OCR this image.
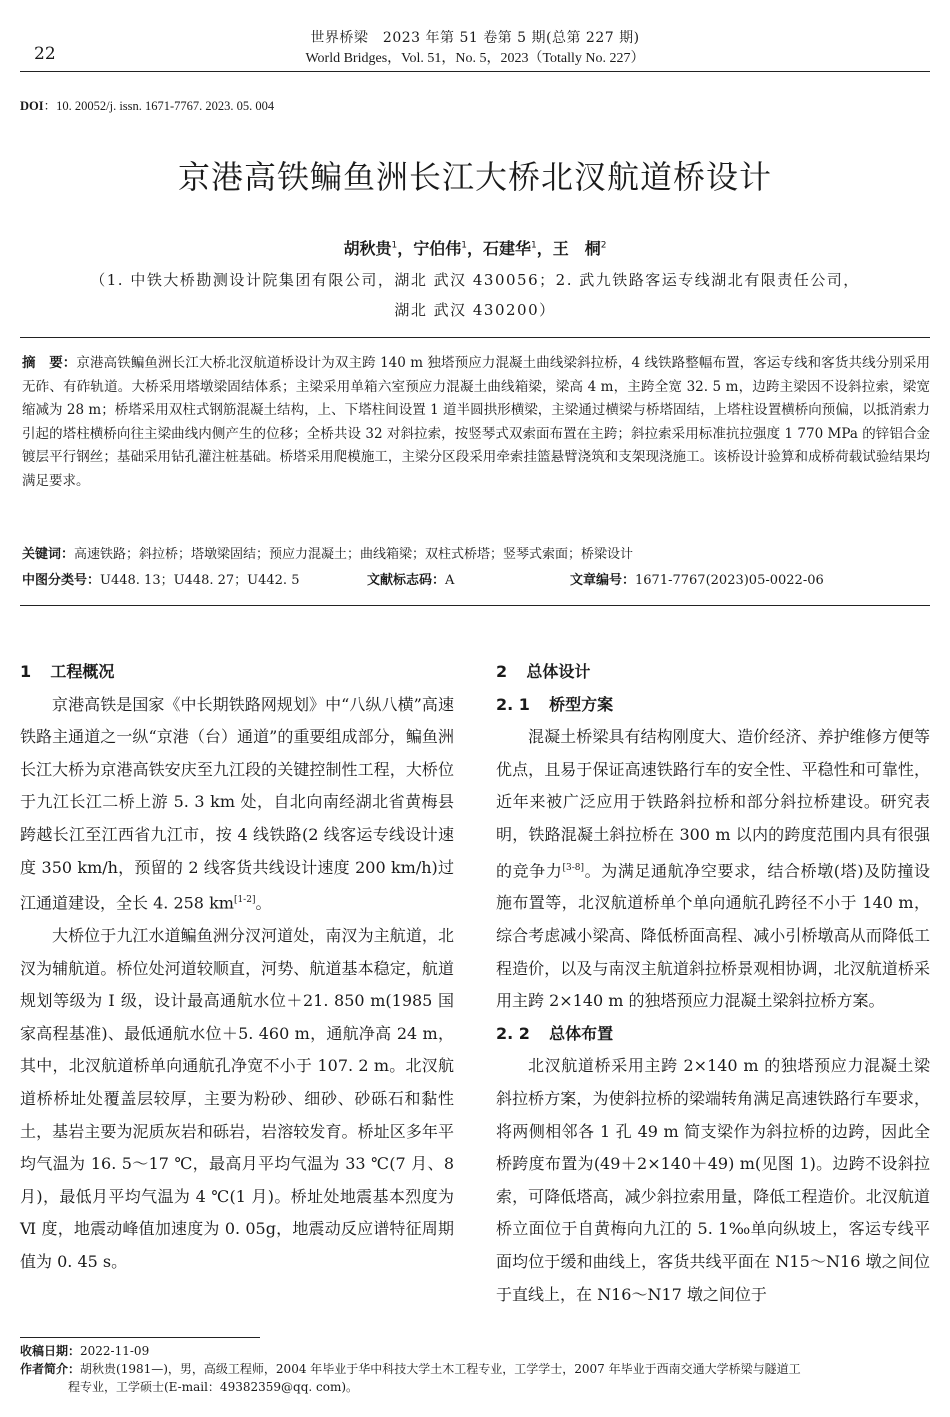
22
世界桥梁　2023 年第 51 卷第 5 期(总第 227 期)
World Bridges，Vol. 51，No. 5，2023（Totally No. 227）
DOI：10. 20052/j. issn. 1671-7767. 2023. 05. 004
京港高铁鳊鱼洲长江大桥北汊航道桥设计
胡秋贵$^1$，宁伯伟$^1$，石建华$^1$，王　桐$^2$
（1. 中铁大桥勘测设计院集团有限公司，湖北 武汉 430056；2. 武九铁路客运专线湖北有限责任公司，
湖北 武汉 430200）
摘　要：京港高铁鳊鱼洲长江大桥北汊航道桥设计为双主跨 140 m 独塔预应力混凝土曲线梁斜拉桥，4 线铁路整幅布置，客运专线和客货共线分别采用无砟、有砟轨道。大桥采用塔墩梁固结体系；主梁采用单箱六室预应力混凝土曲线箱梁，梁高 4 m，主跨全宽 32. 5 m，边跨主梁因不设斜拉索，梁宽缩减为 28 m；桥塔采用双柱式钢筋混凝土结构，上、下塔柱间设置 1 道半圆拱形横梁，主梁通过横梁与桥塔固结，上塔柱设置横桥向预偏，以抵消索力引起的塔柱横桥向往主梁曲线内侧产生的位移；全桥共设 32 对斜拉索，按竖琴式双索面布置在主跨；斜拉索采用标准抗拉强度 1 770 MPa 的锌铝合金镀层平行钢丝；基础采用钻孔灌注桩基础。桥塔采用爬模施工，主梁分区段采用牵索挂篮悬臂浇筑和支架现浇施工。该桥设计验算和成桥荷载试验结果均满足要求。
关键词：高速铁路；斜拉桥；塔墩梁固结；预应力混凝土；曲线箱梁；双柱式桥塔；竖琴式索面；桥梁设计
中图分类号：U448. 13；U448. 27；U442. 5	文献标志码：A	文章编号：1671-7767(2023)05-0022-06
1 工程概况

京港高铁是国家《中长期铁路网规划》中“八纵八横”高速铁路主通道之一纵“京港（台）通道”的重要组成部分，鳊鱼洲长江大桥为京港高铁安庆至九江段的关键控制性工程，大桥位于九江长江二桥上游 5. 3 km 处，自北向南经湖北省黄梅县跨越长江至江西省九江市，按 4 线铁路(2 线客运专线设计速度 350 km/h，预留的 2 线客货共线设计速度 200 km/h)过江通道建设，全长 4. 258 km[1-2]。

大桥位于九江水道鳊鱼洲分汊河道处，南汊为主航道，北汊为辅航道。桥位处河道较顺直，河势、航道基本稳定，航道规划等级为 Ⅰ 级，设计最高通航水位＋21. 850 m(1985 国家高程基准)、最低通航水位＋5. 460 m，通航净高 24 m，其中，北汊航道桥单向通航孔净宽不小于 107. 2 m。北汊航道桥桥址处覆盖层较厚，主要为粉砂、细砂、砂砾石和黏性土，基岩主要为泥质灰岩和砾岩，岩溶较发育。桥址区多年平均气温为 16. 5～17 ℃，最高月平均气温为 33 ℃(7 月、8 月)，最低月平均气温为 4 ℃(1 月)。桥址处地震基本烈度为 Ⅵ 度，地震动峰值加速度为 0. 05g，地震动反应谱特征周期值为 0. 45 s。

2 总体设计
2. 1 桥型方案

混凝土桥梁具有结构刚度大、造价经济、养护维修方便等优点，且易于保证高速铁路行车的安全性、平稳性和可靠性，近年来被广泛应用于铁路斜拉桥和部分斜拉桥建设。研究表明，铁路混凝土斜拉桥在 300 m 以内的跨度范围内具有很强的竞争力[3-8]。为满足通航净空要求，结合桥墩(塔)及防撞设施布置等，北汊航道桥单个单向通航孔跨径不小于 140 m，综合考虑减小梁高、降低桥面高程、减小引桥墩高从而降低工程造价，以及与南汊主航道斜拉桥景观相协调，北汊航道桥采用主跨 2×140 m 的独塔预应力混凝土梁斜拉桥方案。

2. 2 总体布置

北汊航道桥采用主跨 2×140 m 的独塔预应力混凝土梁斜拉桥方案，为使斜拉桥的梁端转角满足高速铁路行车要求，将两侧相邻各 1 孔 49 m 简支梁作为斜拉桥的边跨，因此全桥跨度布置为(49＋2×140＋49) m(见图 1)。边跨不设斜拉索，可降低塔高，减少斜拉索用量，降低工程造价。北汊航道桥立面位于自黄梅向九江的 5. 1‰单向纵坡上，客运专线平面均位于缓和曲线上，客货共线平面在 N15～N16 墩之间位于直线上，在 N16～N17 墩之间位于

收稿日期：2022-11-09
作者简介：胡秋贵(1981—)，男，高级工程师，2004 年毕业于华中科技大学土木工程专业，工学学士，2007 年毕业于西南交通大学桥梁与隧道工
程专业，工学硕士(E-mail：49382359@qq. com)。
